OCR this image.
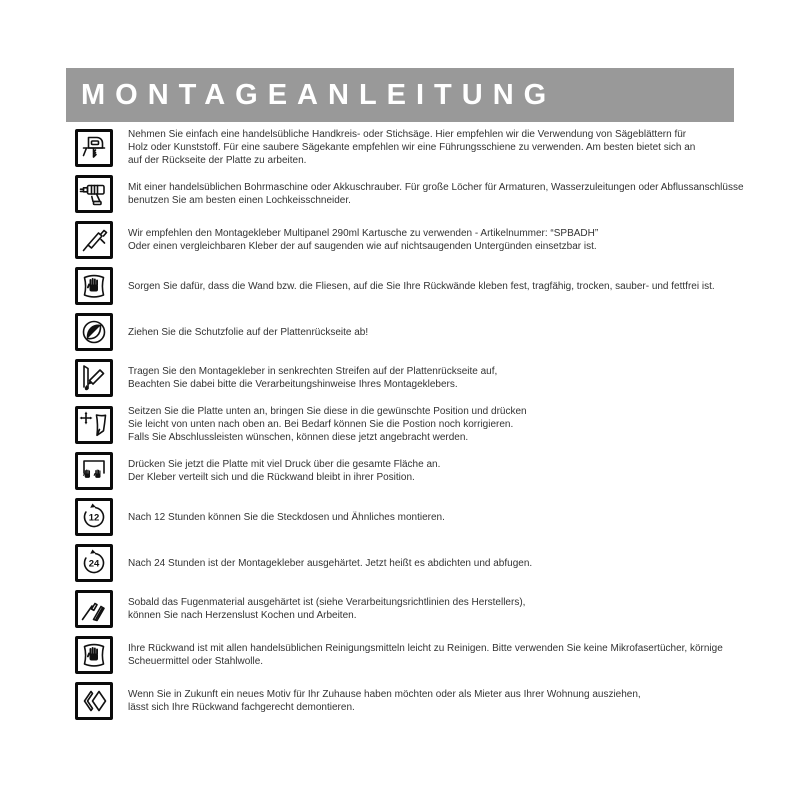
MONTAGEANLEITUNG
Nehmen Sie einfach eine handelsübliche Handkreis- oder Stichsäge. Hier empfehlen wir die Verwendung von Sägeblättern für
Holz oder Kunststoff. Für eine saubere Sägekante empfehlen wir eine Führungsschiene zu verwenden. Am besten bietet sich an
auf der Rückseite der Platte zu arbeiten.
Mit einer handelsüblichen Bohrmaschine oder Akkuschrauber. Für große Löcher für Armaturen, Wasserzuleitungen oder Abflussanschlüsse
benutzen Sie am besten einen Lochkeisschneider.
Wir empfehlen den Montagekleber Multipanel 290ml Kartusche zu verwenden - Artikelnummer: “SPBADH”
Oder einen vergleichbaren Kleber der auf saugenden wie auf nichtsaugenden Untergünden einsetzbar ist.
Sorgen Sie dafür, dass die Wand bzw. die Fliesen, auf die Sie Ihre Rückwände kleben fest, tragfähig, trocken, sauber- und fettfrei ist.
Ziehen Sie die Schutzfolie auf der Plattenrückseite ab!
Tragen Sie den Montagekleber in senkrechten Streifen auf der Plattenrückseite auf,
Beachten Sie dabei bitte die Verarbeitungshinweise Ihres Montageklebers.
Seitzen Sie die Platte unten an, bringen Sie diese in die gewünschte Position und drücken
Sie leicht von unten nach oben an. Bei Bedarf können Sie die Postion noch korrigieren.
Falls Sie Abschlussleisten wünschen, können diese jetzt angebracht werden.
Drücken Sie jetzt die Platte mit viel Druck über die gesamte Fläche an.
Der Kleber verteilt sich und die Rückwand bleibt in ihrer Position.
12	Nach 12 Stunden können Sie die Steckdosen und Ähnliches montieren.
24	Nach 24 Stunden ist der Montagekleber ausgehärtet. Jetzt heißt es abdichten und abfugen.
Sobald das Fugenmaterial ausgehärtet ist (siehe Verarbeitungsrichtlinien des Herstellers),
können Sie nach Herzenslust Kochen und Arbeiten.
Ihre Rückwand ist mit allen handelsüblichen Reinigungsmitteln leicht zu Reinigen. Bitte verwenden Sie keine Mikrofasertücher, körnige
Scheuermittel oder Stahlwolle.
Wenn Sie in Zukunft ein neues Motiv für Ihr Zuhause haben möchten oder als Mieter aus Ihrer Wohnung ausziehen,
lässt sich Ihre Rückwand fachgerecht demontieren.
